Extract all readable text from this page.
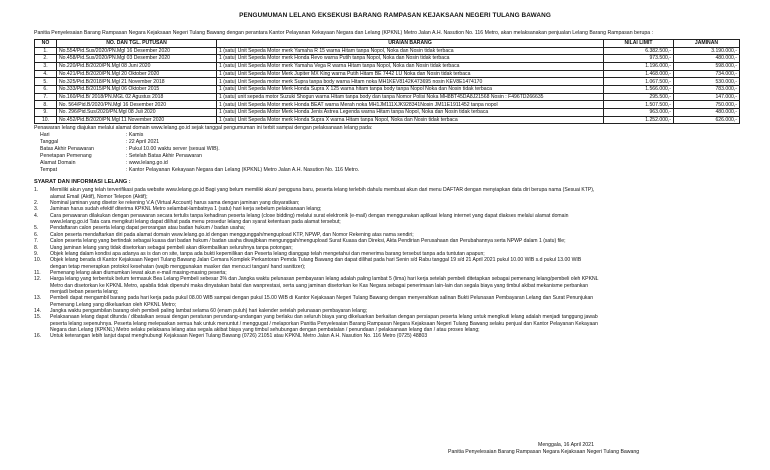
PENGUMUMAN LELANG EKSEKUSI BARANG RAMPASAN KEJAKSAAN NEGERI TULANG BAWANG
Panitia Penyelesaian Barang Rampasan Negara Kejaksaan Negeri Tulang Bawang dengan perantara Kantor Pelayanan Kekayaan Negara dan Lelang (KPKNL) Metro Jalan A.H. Nasution No. 116 Metro, akan melaksanakan penjualan Lelang Barang Rampasan berupa :
NO	NO. DAN TGL. PUTUSAN	URAIAN BARANG	NILAI LIMIT	JAMINAN
1.	No.554/Pid.Sus/2020/PN.Mgl 16 Desember 2020	1 (satu) Unit Sepeda Motor merk Yamaha R 15 warna Hitam tanpa Nopol, Noka dan Nosin tidak terbaca	6.382.500,-	3.190.000,-
2.	No.458/Pid.Sus/2020/PN.Mgl 03 Desember 2020	1 (satu) Unit Sepeda Motor merk Honda Revo warna Putih tanpa Nopol, Noka dan Nosin tidak terbaca	973.500,-	480.000,-
3.	No.220/Pid.B/2020/PN.Mgl 08 Juni 2020	1 (satu) Unit Sepeda Motor merk Yamaha Vega R warna Hitam tanpa Nopol, Noka dan Nosin tidak terbaca	1.196.000,-	598.000,-
4.	No.421/Pid.B/2020/PN.Mgl 20 Oktober 2020	1 (satu) Unit Sepeda Motor Merk Jupiter MX King warna Putih Hitam BE 7442 LU Noka dan Nosin tidak terbaca	1.468.000,-	734.000,-
5.	No.325/Pid.B/2018/PN.Mgl 21 November 2018	1 (satu) Unit Sepeda motor merk Supra tanpa body warna Hitam noka MH1KEV8142K473695 nosin KEV8E1474170	1.067.500,-	530.000,-
6.	No.333/Pid.B/2015/PN.Mgl 06 Oktober 2015	1 (satu) Unit Sepeda Motor Merk Honda Supra X 125 warna hitam tanpa body tanpa Nopol Noka dan Nosin tidak terbaca	1.566.000,-	783.000,-
7.	No.160/Pid.B/ 2018/PN.MGL 02 Agustus 2018	1 (satu) unit sepeda motor Suzuki Shogun warna Hitam tanpa body dan tanpa Nomor Polisi Noka MH8BT45DA8J21568 Nosin : F496TD266635	295.500,-	147.000,-
8.	No. 564/Pid.B/2020/PN.Mgl 16 Desember 2020	1 (satu) Unit Sepeda Motor merk Honda BEAT warna Merah noka MH1JM111XJK928341Nosin JM11E1911452 tanpa nopol	1.507.500,-	750.000,-
9.	No. 296/Pid.Sus/2020/PN.Mgl 08 Juli 2020	1 (satu) Unit Sepeda Motor Merk Honda Jenis Astrea Legenda warna Hitam tanpa Nopol, Noka dan Nosin tidak terbaca	963.000,-	480.000,-
10.	No.452/Pid.B/2020/PN.Mgl 11 November 2020	1 (satu) Unit Sepeda Motor merk Honda Supra X warna Hitam tanpa Nopol, Noka dan Nosin tidak terbaca	1.252.000,-	626.000,-
Penawaran lelang diajukan melalui alamat domain www.lelang.go.id sejak tanggal pengumuman ini terbit sampai dengan pelaksanaan lelang pada:
Hari	: Kamis
Tanggal	: 22 April 2021
Batas Akhir Penawaran	: Pukul 10.00 waktu server (sesuai WIB).
Penetapan Pemenang	: Setelah Batas Akhir Penawaran
Alamat Domain	: www.lelang.go.id
Tempat	: Kantor Pelayanan Kekayaan Negara dan Lelang (KPKNL) Metro Jalan A.H. Nasution No. 116 Metro.
SYARAT DAN INFORMASI LELANG :
1.	Memiliki akun yang telah terverifikasi pada website www.lelang.go.id Bagi yang belum memiliki akun/ pengguna baru, peserta lelang terlebih dahulu membuat akun dari menu DAFTAR dengan menyiapkan data diri berupa nama (Sesuai KTP),
alamat Email (Aktif), Nomor Telepon (Aktif);
2.	Nominal jaminan yang disetor ke rekening V.A (Virtual Account) harus sama dengan jaminan yang disyaratkan;
3.	Jaminan harus sudah efektif diterima KPKNL Metro selambat-lambatnya 1 (satu) hari kerja sebelum pelaksanaan lelang;
4.	Cara penawaran dilakukan dengan penawaran secara tertulis tanpa kehadiran peserta lelang (close bidding) melalui surat elektronik (e-mail) dengan menggunakan aplikasi lelang internet yang dapat diakses melalui alamat domain
www.lelang.go.id Tata cara mengikuti lelang dapat dilihat pada menu prosedur lelang dan syarat ketentuan pada alamat tersebut;
5.	Pendaftaran calon peserta lelang dapat perorangan atau badan hukum / badan usaha;
6.	Calon peserta mendaftarkan diri pada alamat domain www.lelang.go.id dengan menggunggah/mengupload KTP, NPWP, dan Nomor Rekening atas nama sendiri;
7.	Calon peserta lelang yang bertindak sebagai kuasa dari badan hukum / badan usaha diwajibkan mengunggah/mengupload Surat Kuasa dan Direksi, Akta Pendirian Perusahaan dan Perubahannya serta NPWP dalam 1 (satu) file;
8.	Uang jaminan lelang yang tidak disetorkan sebagai pembeli akan dikembalikan seluruhnya tanpa potongan;
9.	Objek lelang dalam kondisi apa adanya as is dan on site, tanpa ada bukti kepemilikan dan Peserta lelang dianggap telah mengetahui dan menerima barang tersebut tanpa ada tuntutan apapun;
10.	Objek lelang berada di Kantor Kejaksaan Negeri Tulang Bawang Jalan Cemara Komplek Perkantoran Pemda Tulang Bawang dan dapat dilihat pada hari Senin s/d Rabu tanggal 19 s/d 21 April 2021 pukul 10.00 WIB s.d pukul 13.00 WIB
dengan tetap menerapkan protokol kesehatan (wajib menggunakan masker dan mencuci tangan/ hand sanitizer);
11.	Pemenang lelang akan diumumkan lewat akun e-mail masing-masing peserta;
12.	Harga lelang yang terbentuk belum termasuk Bea Lelang Pembeli sebesar 3% dan Jangka waktu pelunasan pembayaran lelang adalah paling lambat 5 (lima) hari kerja setelah pembeli ditetapkan sebagai pemenang lelang/pembeli oleh KPKNL
Metro dan disetorkan ke KPKNL Metro, apabila tidak dipenuhi maka dinyatakan batal dan wanprestasi, serta uang jaminan disetorkan ke Kas Negara sebagai penerimaan lain-lain dan segala biaya yang timbul akibat mekanisme perbankan
menjadi beban peserta lelang;
13.	Pembeli dapat mengambil barang pada hari kerja pada pukul 08.00 WIB sampai dengan pukul 15.00 WIB di Kantor Kejaksaan Negeri Tulang Bawang dengan menyerahkan salinan Bukti Pelunasan Pembayaran Lelang dan Surat Penunjukan
Pemenang Lelang yang dikeluarkan oleh KPKNL Metro;
14.	Jangka waktu pengambilan barang oleh pembeli paling lambat selama 60 (enam puluh) hari kalender setelah pelunasan pembayaran lelang;
15.	Pelaksanaan lelang dapat ditunda / dibatalkan sesuai dengan peraturan perundang-undangan yang berlaku dan seluruh biaya yang dikeluarkan berkaitan dengan persiapan peserta lelang untuk mengikuti lelang adalah menjadi tanggung jawab
peserta lelang sepenuhnya. Peserta lelang melepaskan semua hak untuk menuntut / menggugat / melaporkan Panitia Penyelesaian Barang Rampasan Negara Kejaksaan Negeri Tulang Bawang selaku penjual dan Kantor Pelayanan Kekayaan
Negara dan Lelang (KPKNL) Metro selaku pelaksana lelang atas segala akibat biaya yang timbul sehubungan dengan pembatalan / penundaan / pelaksanaan lelang dan / atau proses lelang;
16.	Untuk keterangan lebih lanjut dapat menghubungi Kejaksaan Negeri Tulang Bawang (0726) 21051 atau KPKNL Metro Jalan A.H. Nasution No. 116 Metro (0725) 48803
Menggala, 16 April 2021
Panitia Penyelesaian Barang Rampasan Negara Kejaksaan Negeri Tulang Bawang
